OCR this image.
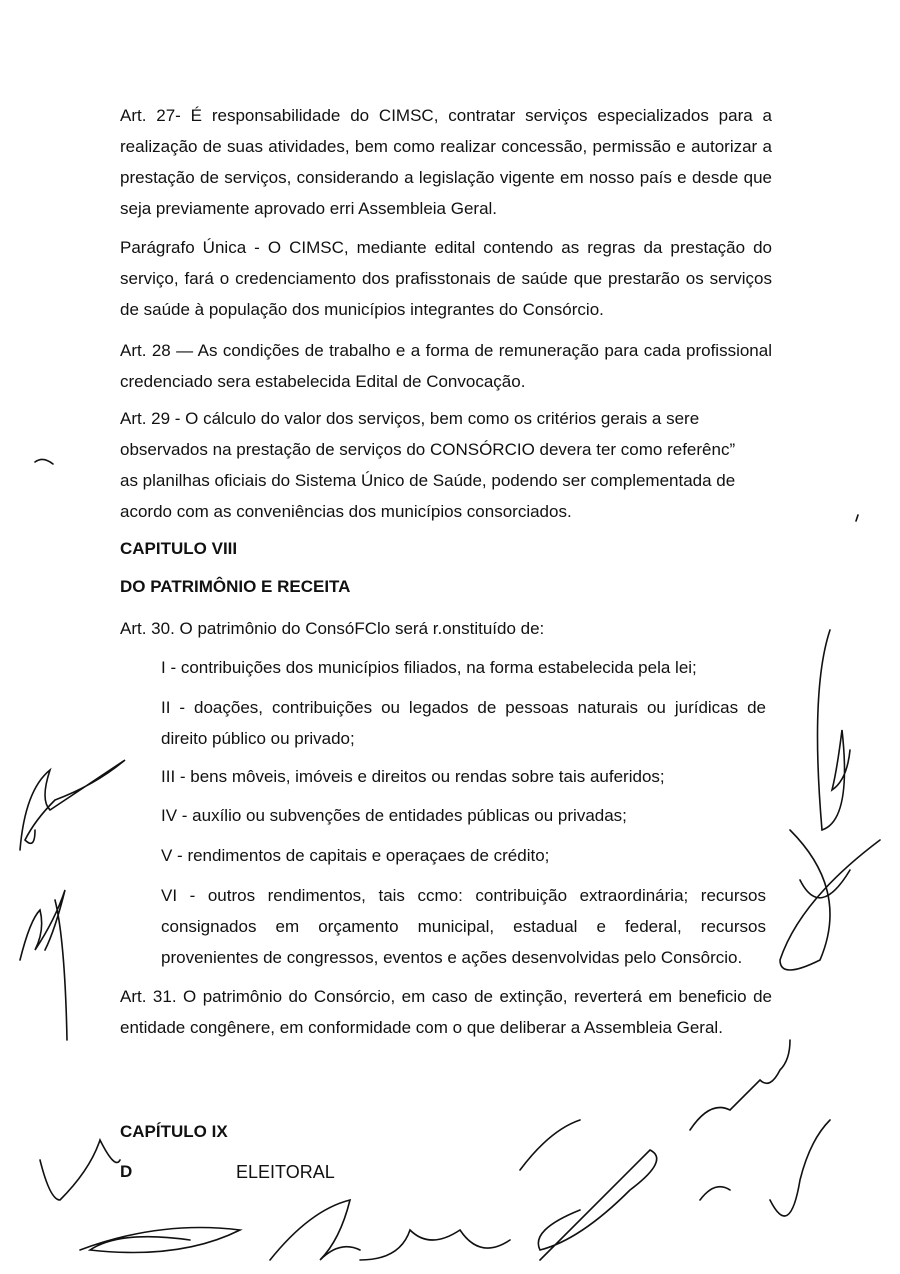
Art. 27- É responsabilidade do CIMSC, contratar serviços especializados para a realização de suas atividades, bem como realizar concessão, permissão e autorizar a prestação de serviços, considerando a legislação vigente em nosso país e desde que seja previamente aprovado erri Assembleia Geral.

Parágrafo Única - O CIMSC, mediante edital contendo as regras da prestação do serviço, fará o credenciamento dos prafisstonais de saúde que prestarão os serviços de saúde à população dos municípios integrantes do Consórcio.

Art. 28 — As condições de trabalho e a forma de remuneração para cada profissional credenciado sera estabelecida Edital de Convocação.

Art. 29 - O cálculo do valor dos serviços, bem como os critérios gerais a sere
observados na prestação de serviços do CONSÓRCIO devera ter como referênc”
as planilhas oficiais do Sistema Único de Saúde, podendo ser complementada de
acordo com as conveniências dos municípios consorciados.

CAPITULO VIII

DO PATRIMÔNIO E RECEITA

Art. 30. O patrimônio do ConsóFClo será r.onstituído de:

I - contribuições dos municípios filiados, na forma estabelecida pela lei;

II - doações, contribuições ou legados de pessoas naturais ou jurídicas de direito público ou privado;

III - bens môveis, imóveis e direitos ou rendas sobre tais auferidos;

IV - auxílio ou subvenções de entidades públicas ou privadas;

V - rendimentos de capitais e operaçaes de crédito;

VI - outros rendimentos, tais ccmo: contribuição extraordinária; recursos consignados em orçamento municipal, estadual e federal, recursos provenientes de congressos, eventos e ações desenvolvidas pelo Consôrcio.

Art. 31. O patrimônio do Consórcio, em caso de extinção, reverterá em beneficio de entidade congênere, em conformidade com o que deliberar a Assembleia Geral.

CAPÍTULO IX

D	ELEITORAL
